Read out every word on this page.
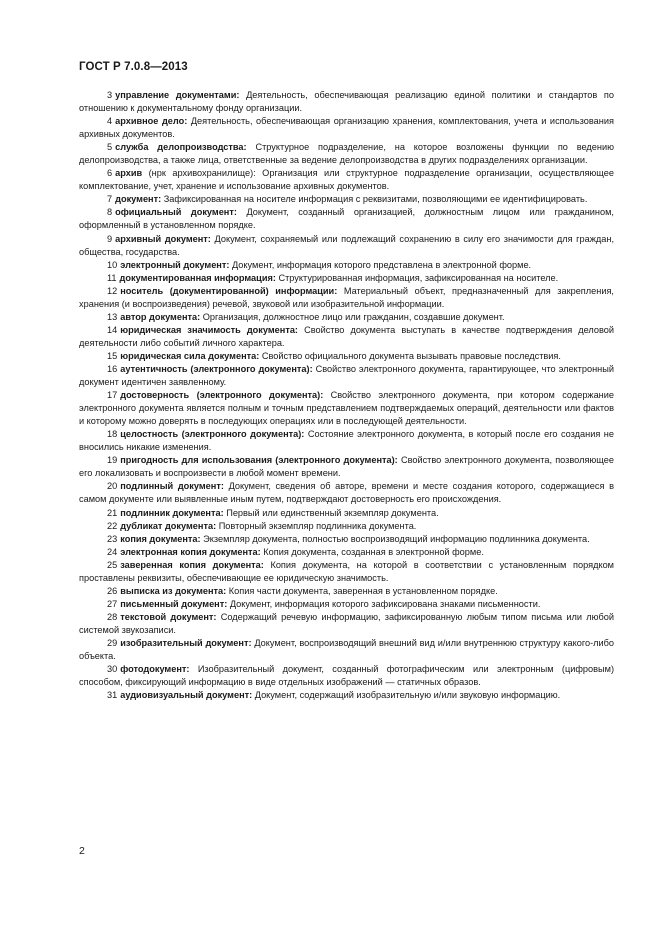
ГОСТ Р 7.0.8—2013

3 управление документами: Деятельность, обеспечивающая реализацию единой политики и стандартов по отношению к документальному фонду организации.

4 архивное дело: Деятельность, обеспечивающая организацию хранения, комплектования, учета и использования архивных документов.

5 служба делопроизводства: Структурное подразделение, на которое возложены функции по ведению делопроизводства, а также лица, ответственные за ведение делопроизводства в других подразделениях организации.

6 архив (нрк архивохранилище): Организация или структурное подразделение организации, осуществляющее комплектование, учет, хранение и использование архивных документов.

7 документ: Зафиксированная на носителе информация с реквизитами, позволяющими ее идентифицировать.

8 официальный документ: Документ, созданный организацией, должностным лицом или гражданином, оформленный в установленном порядке.

9 архивный документ: Документ, сохраняемый или подлежащий сохранению в силу его значимости для граждан, общества, государства.

10 электронный документ: Документ, информация которого представлена в электронной форме.

11 документированная информация: Структурированная информация, зафиксированная на носителе.

12 носитель (документированной) информации: Материальный объект, предназначенный для закрепления, хранения (и воспроизведения) речевой, звуковой или изобразительной информации.

13 автор документа: Организация, должностное лицо или гражданин, создавшие документ.

14 юридическая значимость документа: Свойство документа выступать в качестве подтверждения деловой деятельности либо событий личного характера.

15 юридическая сила документа: Свойство официального документа вызывать правовые последствия.

16 аутентичность (электронного документа): Свойство электронного документа, гарантирующее, что электронный документ идентичен заявленному.

17 достоверность (электронного документа): Свойство электронного документа, при котором содержание электронного документа является полным и точным представлением подтверждаемых операций, деятельности или фактов и которому можно доверять в последующих операциях или в последующей деятельности.

18 целостность (электронного документа): Состояние электронного документа, в который после его создания не вносились никакие изменения.

19 пригодность для использования (электронного документа): Свойство электронного документа, позволяющее его локализовать и воспроизвести в любой момент времени.

20 подлинный документ: Документ, сведения об авторе, времени и месте создания которого, содержащиеся в самом документе или выявленные иным путем, подтверждают достоверность его происхождения.

21 подлинник документа: Первый или единственный экземпляр документа.

22 дубликат документа: Повторный экземпляр подлинника документа.

23 копия документа: Экземпляр документа, полностью воспроизводящий информацию подлинника документа.

24 электронная копия документа: Копия документа, созданная в электронной форме.

25 заверенная копия документа: Копия документа, на которой в соответствии с установленным порядком проставлены реквизиты, обеспечивающие ее юридическую значимость.

26 выписка из документа: Копия части документа, заверенная в установленном порядке.

27 письменный документ: Документ, информация которого зафиксирована знаками письменности.

28 текстовой документ: Содержащий речевую информацию, зафиксированную любым типом письма или любой системой звукозаписи.

29 изобразительный документ: Документ, воспроизводящий внешний вид и/или внутреннюю структуру какого-либо объекта.

30 фотодокумент: Изобразительный документ, созданный фотографическим или электронным (цифровым) способом, фиксирующий информацию в виде отдельных изображений — статичных образов.

31 аудиовизуальный документ: Документ, содержащий изобразительную и/или звуковую информацию.

2
